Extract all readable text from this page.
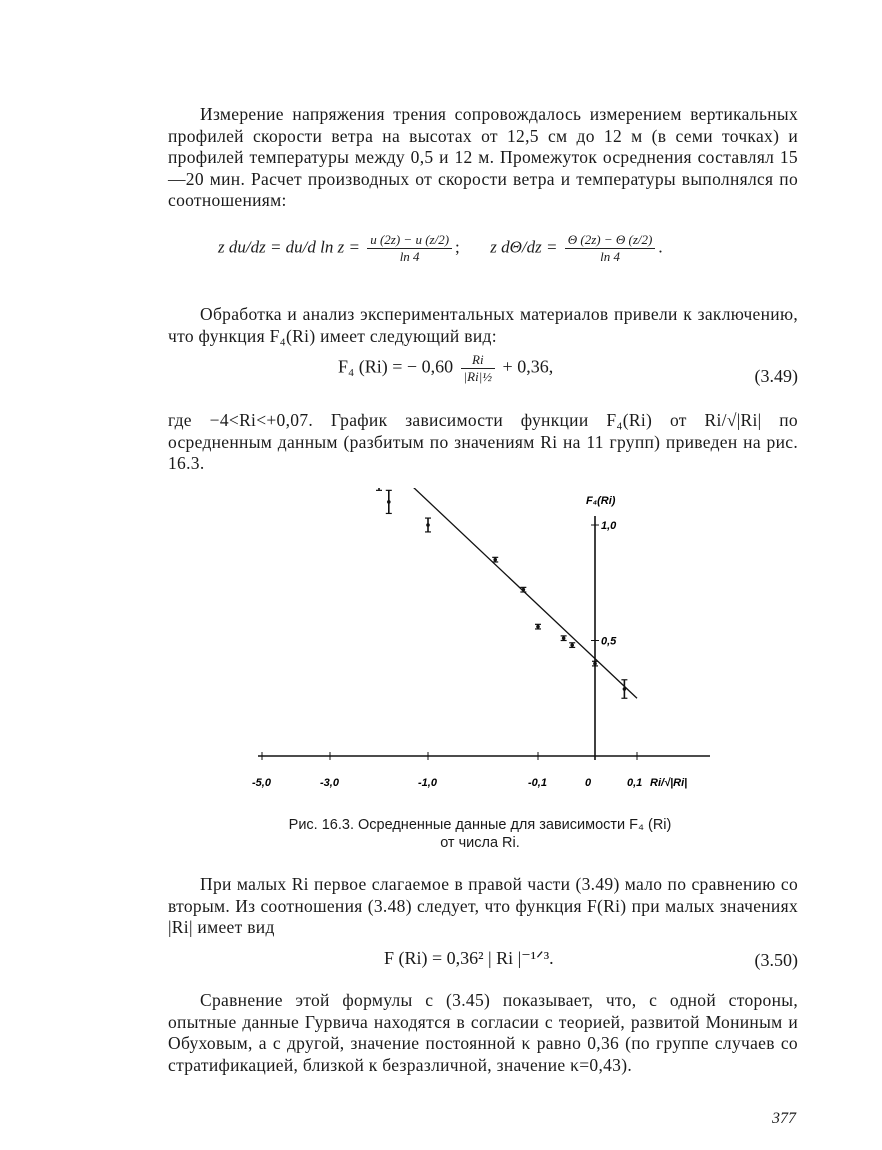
Измерение напряжения трения сопровождалось измерением вертикальных профилей скорости ветра на высотах от 12,5 см до 12 м (в семи точках) и профилей температуры между 0,5 и 12 м. Промежуток осреднения составлял 15—20 мин. Расчет производных от скорости ветра и температуры выполнялся по соотношениям:
z du/dz = du/d $\ln z = \frac{u (2z) - u (z/2)}{\ln 4}$ ; z $d\Theta/dz = \frac{\Theta (2z) - \Theta (z/2)}{\ln 4}$ .
Обработка и анализ экспериментальных материалов привели к заключению, что функция F₄(Ri) имеет следующий вид:
F₄ (Ri) = − $0,60 \frac{Ri}{\text{|Ri|½}} + 0,36$,	(3.49)
где −4<Ri<+0,07. График зависимости функции F₄(Ri) от Ri/√|Ri| по осредненным данным (разбитым по значениям Ri на 11 групп) приведен на рис. 16.3.
-5,0	-3,0	-1,0	-0,1	0	0,1
0,5
1,0
F₄(Ri)
Ri/√|Ri|
Рис. 16.3. Осредненные данные для зависимости F₄ (Ri)
от числа Ri.
При малых Ri первое слагаемое в правой части (3.49) мало по сравнению со вторым. Из соотношения (3.48) следует, что функция F(Ri) при малых значениях |Ri| имеет вид
F (Ri) = 0,36² | Ri |⁻¹ᐟ³.	(3.50)
Сравнение этой формулы с (3.45) показывает, что, с одной стороны, опытные данные Гурвича находятся в согласии с теорией, развитой Мониным и Обуховым, а с другой, значение постоянной κ равно 0,36 (по группе случаев со стратификацией, близкой к безразличной, значение κ=0,43).
377
